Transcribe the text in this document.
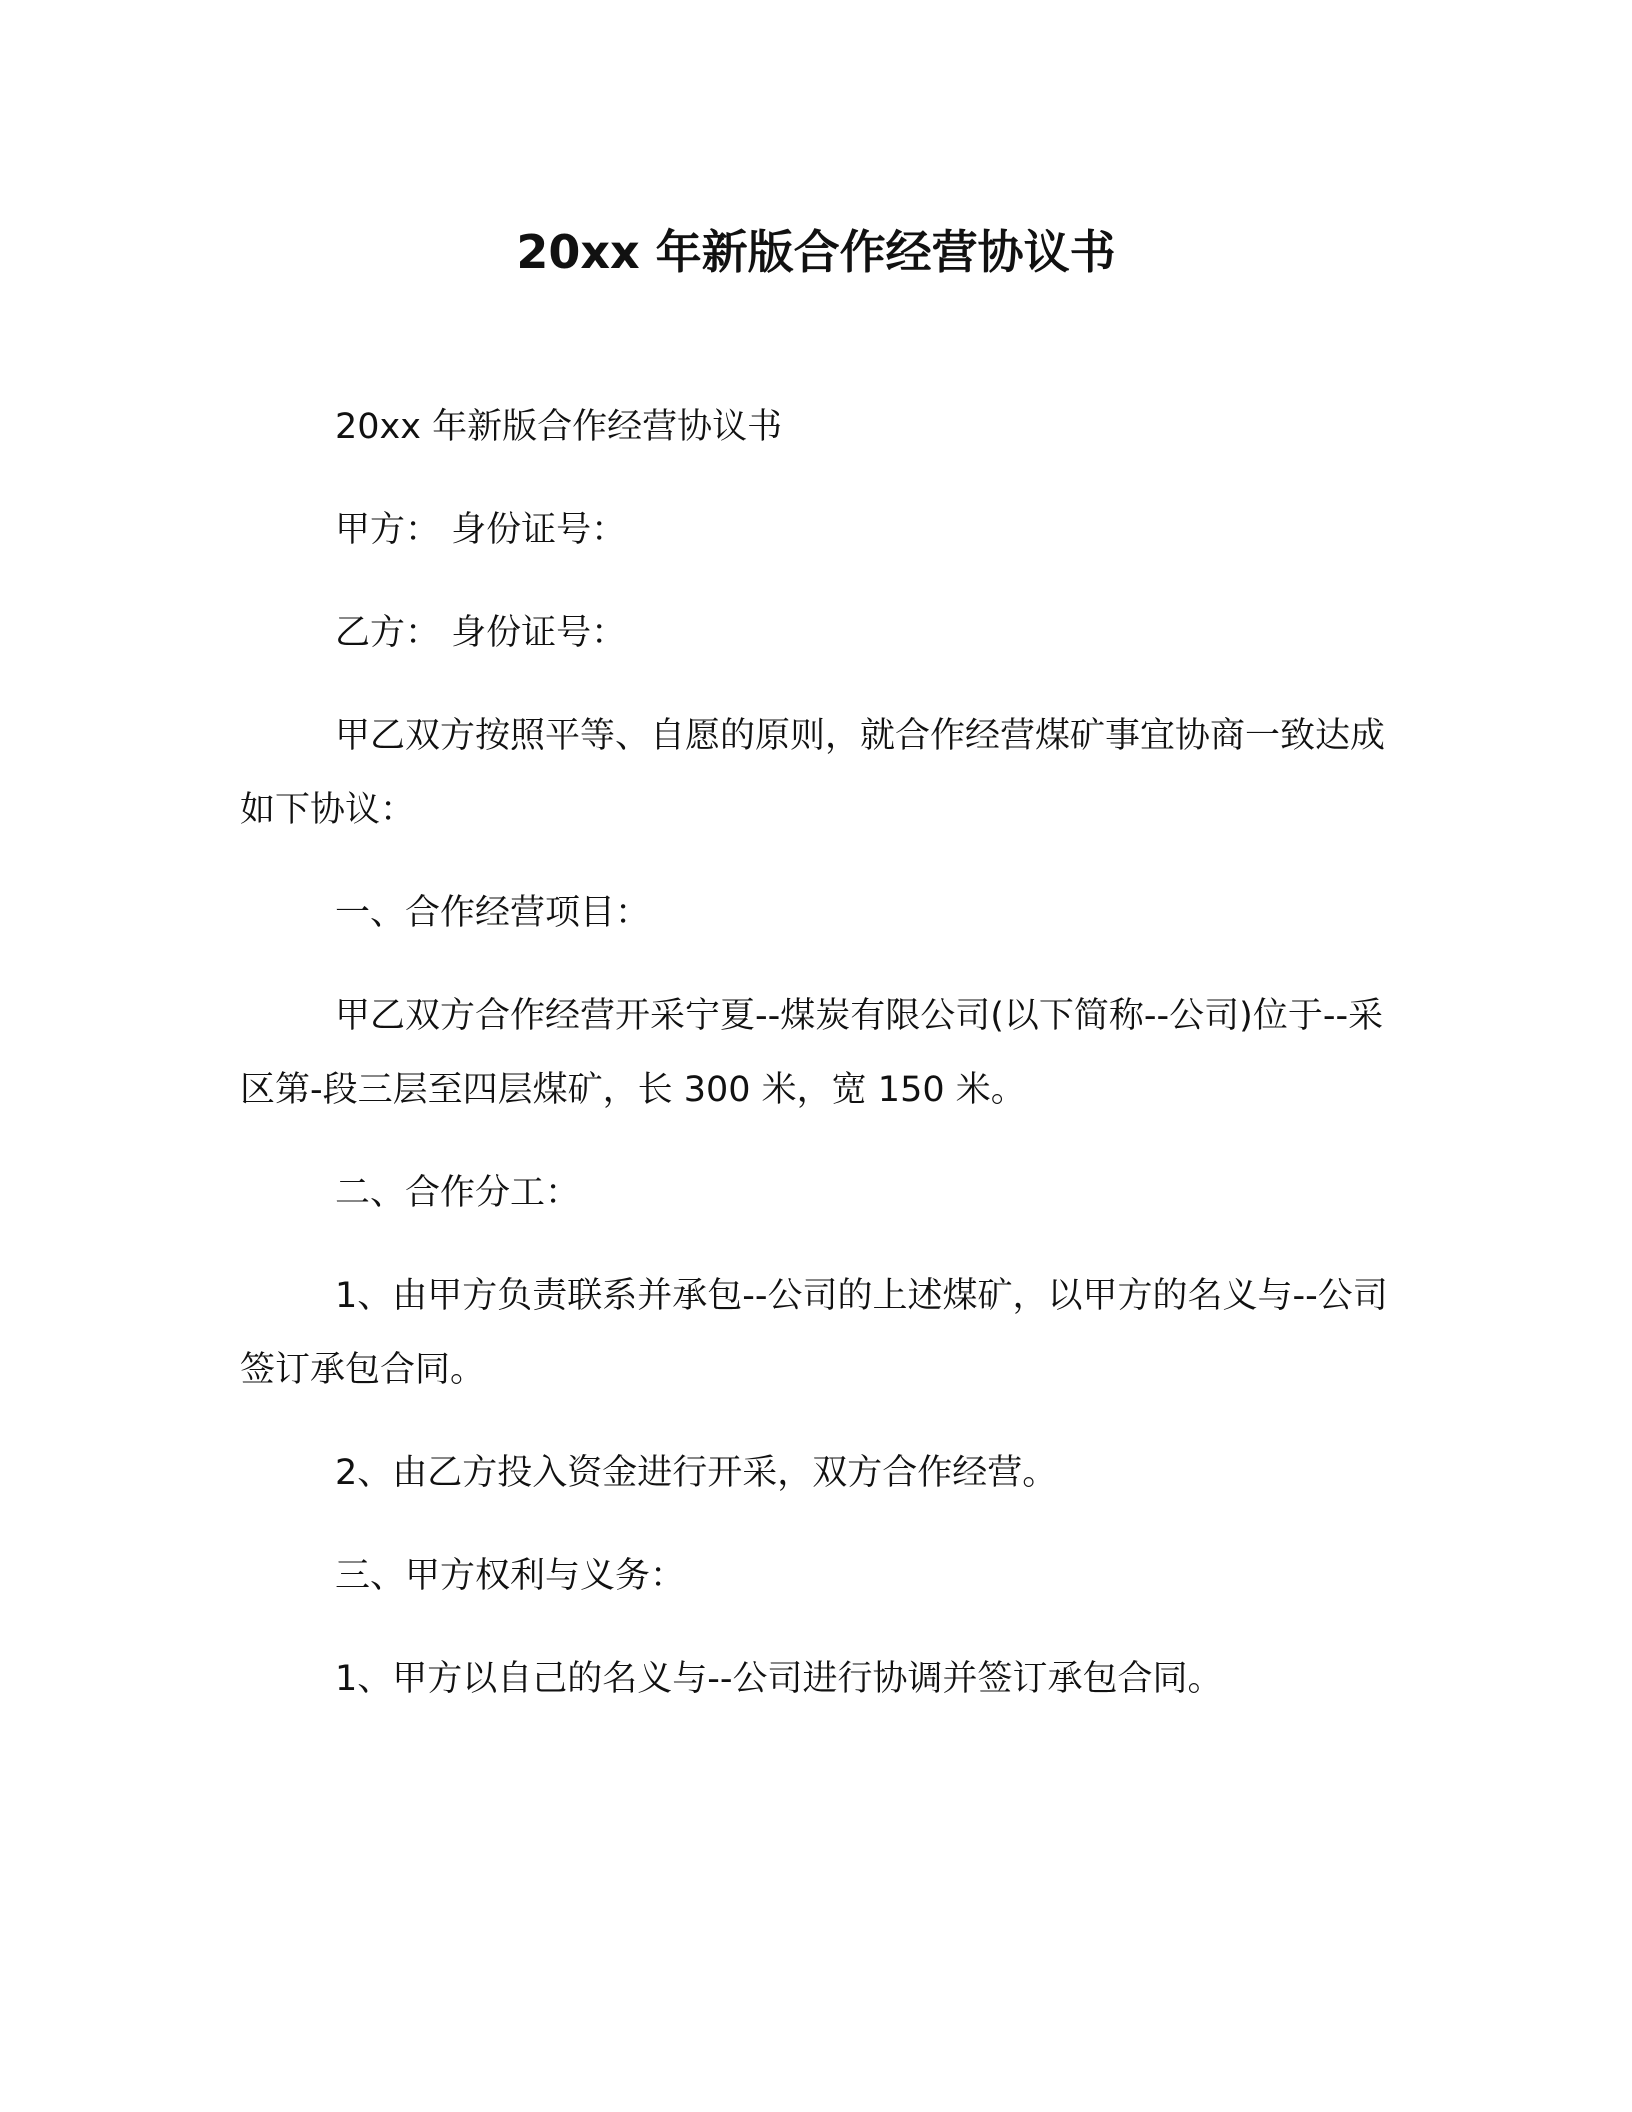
20xx 年新版合作经营协议书

20xx 年新版合作经营协议书

甲方： 身份证号：

乙方： 身份证号：

甲乙双方按照平等、自愿的原则，就合作经营煤矿事宜协商一致达成如下协议：

一、合作经营项目：

甲乙双方合作经营开采宁夏--煤炭有限公司(以下简称--公司)位于--采区第-段三层至四层煤矿，长 300 米，宽 150 米。

二、合作分工：

1、由甲方负责联系并承包--公司的上述煤矿，以甲方的名义与--公司签订承包合同。

2、由乙方投入资金进行开采，双方合作经营。

三、甲方权利与义务：

1、甲方以自己的名义与--公司进行协调并签订承包合同。
